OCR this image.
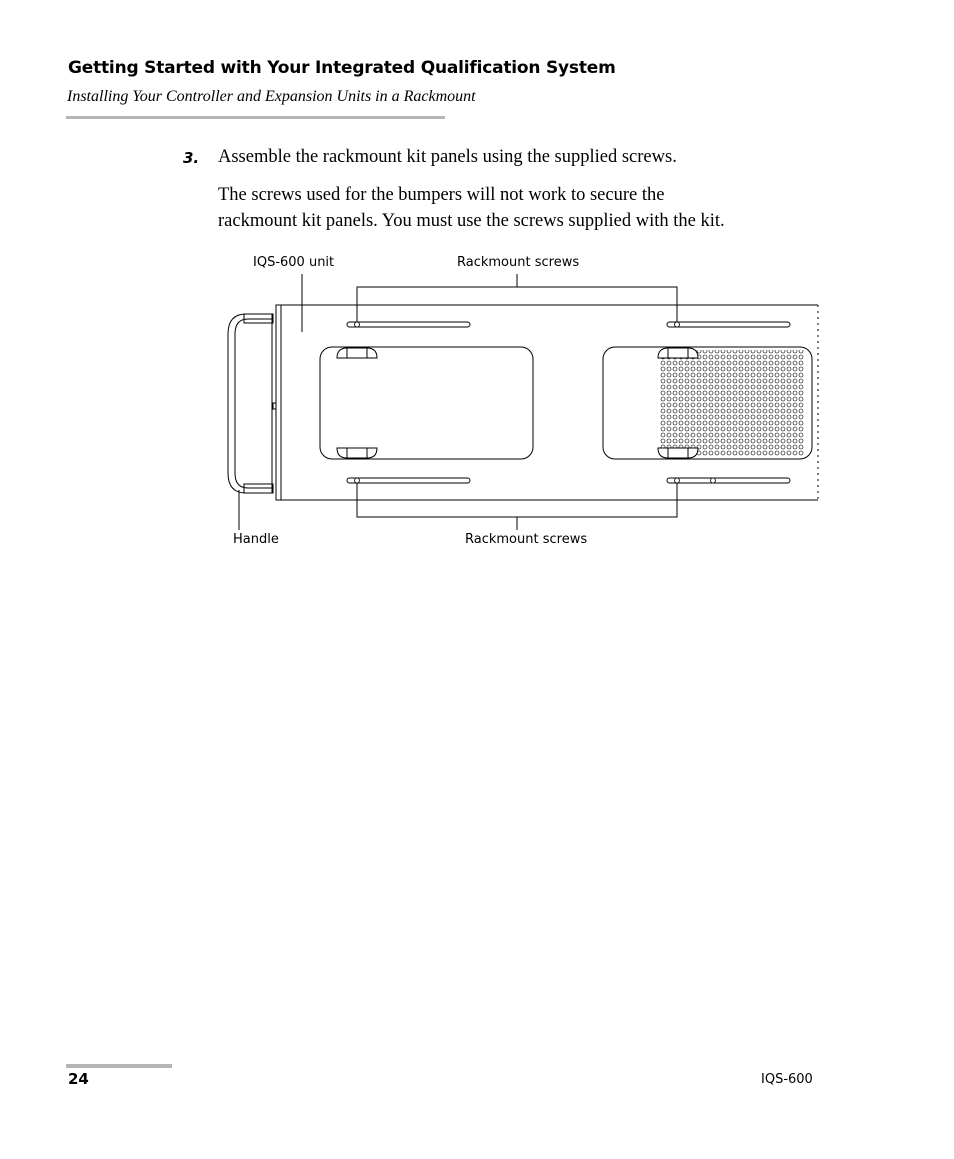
Getting Started with Your Integrated Qualification System
Installing Your Controller and Expansion Units in a Rackmount
3. Assemble the rackmount kit panels using the supplied screws.
The screws used for the bumpers will not work to secure the
rackmount kit panels. You must use the screws supplied with the kit.
IQS-600 unit	Rackmount screws
Handle	Rackmount screws
24	IQS-600
